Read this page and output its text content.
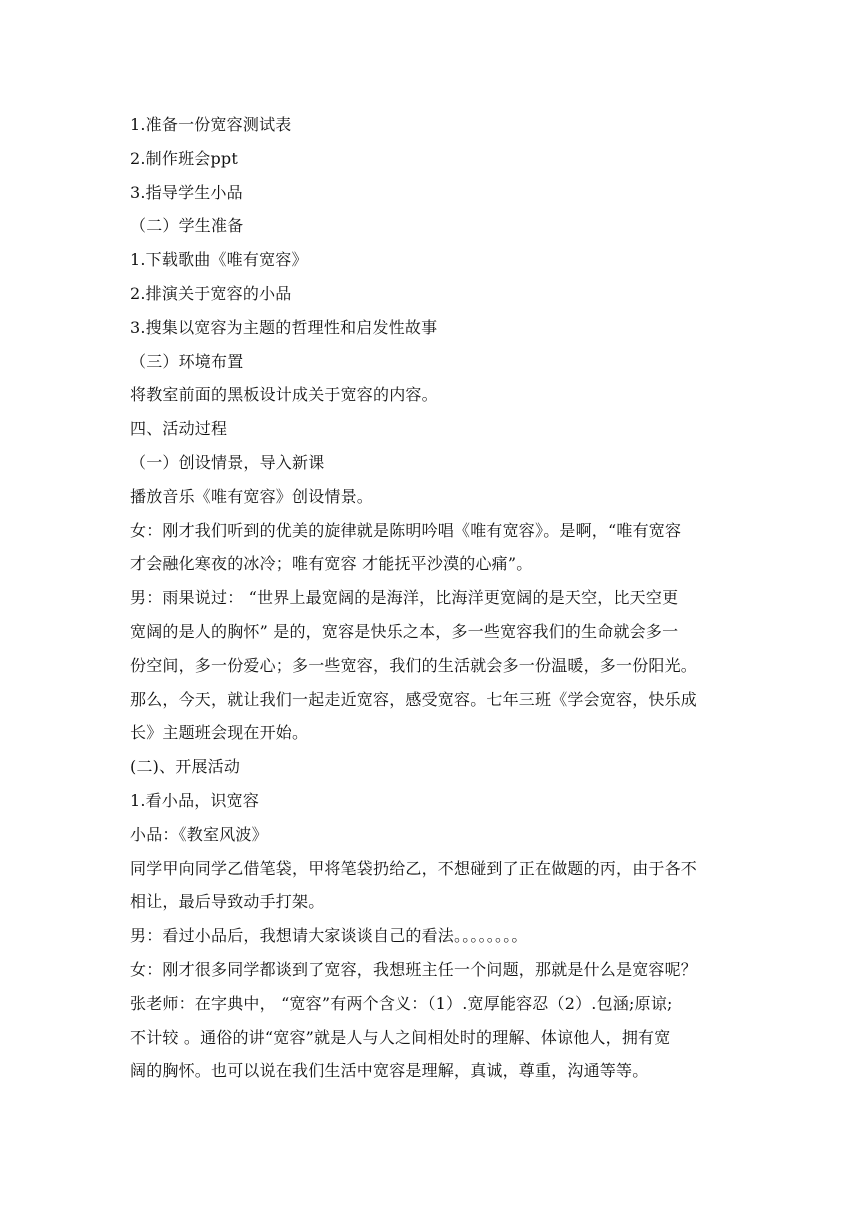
1.准备一份宽容测试表

2.制作班会ppt

3.指导学生小品

（二）学生准备

1.下载歌曲《唯有宽容》

2.排演关于宽容的小品

3.搜集以宽容为主题的哲理性和启发性故事

（三）环境布置

将教室前面的黑板设计成关于宽容的内容。

四、活动过程

（一）创设情景，导入新课

播放音乐《唯有宽容》创设情景。

女：刚才我们听到的优美的旋律就是陈明吟唱《唯有宽容》。是啊，“唯有宽容
才会融化寒夜的冰冷；唯有宽容 才能抚平沙漠的心痛”。

男：雨果说过： “世界上最宽阔的是海洋，比海洋更宽阔的是天空，比天空更
宽阔的是人的胸怀” 是的，宽容是快乐之本，多一些宽容我们的生命就会多一
份空间，多一份爱心；多一些宽容，我们的生活就会多一份温暖，多一份阳光。
那么，今天，就让我们一起走近宽容，感受宽容。七年三班《学会宽容，快乐成
长》主题班会现在开始。

(二)、开展活动

1.看小品，识宽容

小品：《教室风波》

同学甲向同学乙借笔袋，甲将笔袋扔给乙，不想碰到了正在做题的丙，由于各不
相让，最后导致动手打架。

男：看过小品后，我想请大家谈谈自己的看法。。。。。。。。

女：刚才很多同学都谈到了宽容，我想班主任一个问题，那就是什么是宽容呢？

张老师：在字典中， “宽容”有两个含义：（1）.宽厚能容忍（2）.包涵;原谅;
不计较 。通俗的讲“宽容”就是人与人之间相处时的理解、体谅他人，拥有宽
阔的胸怀。也可以说在我们生活中宽容是理解，真诚，尊重，沟通等等。
